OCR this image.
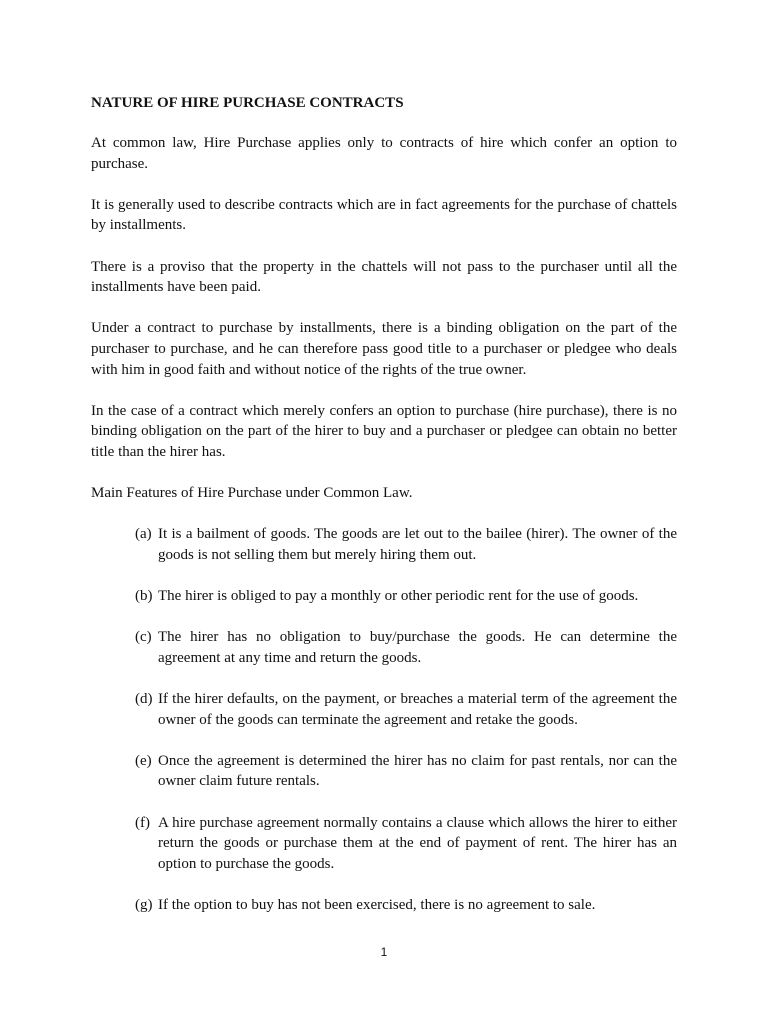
NATURE OF HIRE PURCHASE CONTRACTS

At common law, Hire Purchase applies only to contracts of hire which confer an option to purchase.

It is generally used to describe contracts which are in fact agreements for the purchase of chattels by installments.

There is a proviso that the property in the chattels will not pass to the purchaser until all the installments have been paid.

Under a contract to purchase by installments, there is a binding obligation on the part of the purchaser to purchase, and he can therefore pass good title to a purchaser or pledgee who deals with him in good faith and without notice of the rights of the true owner.

In the case of a contract which merely confers an option to purchase (hire purchase), there is no binding obligation on the part of the hirer to buy and a purchaser or pledgee can obtain no better title than the hirer has.

Main Features of Hire Purchase under Common Law.

(a) It is a bailment of goods. The goods are let out to the bailee (hirer). The owner of the goods is not selling them but merely hiring them out.
(b) The hirer is obliged to pay a monthly or other periodic rent for the use of goods.
(c) The hirer has no obligation to buy/purchase the goods. He can determine the agreement at any time and return the goods.
(d) If the hirer defaults, on the payment, or breaches a material term of the agreement the owner of the goods can terminate the agreement and retake the goods.
(e) Once the agreement is determined the hirer has no claim for past rentals, nor can the owner claim future rentals.
(f) A hire purchase agreement normally contains a clause which allows the hirer to either return the goods or purchase them at the end of payment of rent. The hirer has an option to purchase the goods.
(g) If the option to buy has not been exercised, there is no agreement to sale.
1
